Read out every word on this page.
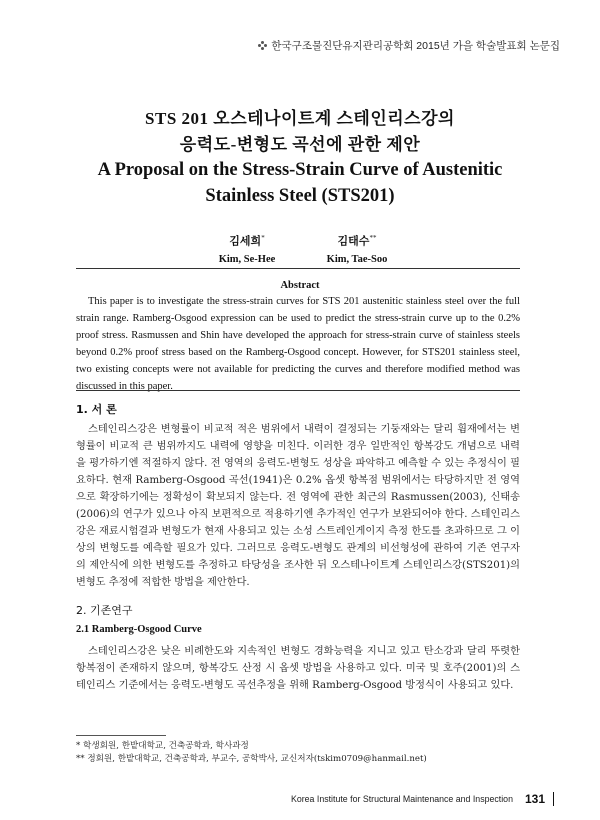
한국구조물진단유지관리공학회 2015년 가을 학술발표회 논문집
STS 201 오스테나이트계 스테인리스강의
응력도-변형도 곡선에 관한 제안
A Proposal on the Stress-Strain Curve of Austenitic
Stainless Steel (STS201)
김세희*
Kim, Se-Hee
김태수**
Kim, Tae-Soo
Abstract
This paper is to investigate the stress-strain curves for STS 201 austenitic stainless steel over the full strain range. Ramberg-Osgood expression can be used to predict the stress-strain curve up to the 0.2% proof stress. Rasmussen and Shin have developed the approach for stress-strain curve of stainless steels beyond 0.2% proof stress based on the Ramberg-Osgood concept. However, for STS201 stainless steel, two existing concepts were not available for predicting the curves and therefore modified method was discussed in this paper.
1. 서 론
스테인리스강은 변형률이 비교적 적은 범위에서 내력이 결정되는 기둥재와는 달리 휨재에서는 변형률이 비교적 큰 범위까지도 내력에 영향을 미친다. 이러한 경우 일반적인 항복강도 개념으로 내력을 평가하기엔 적절하지 않다. 전 영역의 응력도-변형도 성상을 파악하고 예측할 수 있는 추정식이 필요하다. 현재 Ramberg-Osgood 곡선(1941)은 0.2% 옵셋 항복점 범위에서는 타당하지만 전 영역으로 확장하기에는 정확성이 확보되지 않는다. 전 영역에 관한 최근의 Rasmussen(2003), 신태송(2006)의 연구가 있으나 아직 보편적으로 적용하기엔 추가적인 연구가 보완되어야 한다. 스테인리스강은 재료시험결과 변형도가 현재 사용되고 있는 소성 스트레인게이지 측정 한도를 초과하므로 그 이상의 변형도를 예측할 필요가 있다. 그러므로 응력도-변형도 관계의 비선형성에 관하여 기존 연구자의 제안식에 의한 변형도를 추정하고 타당성을 조사한 뒤 오스테나이트계 스테인리스강(STS201)의 변형도 추정에 적합한 방법을 제안한다.
2. 기존연구
2.1 Ramberg-Osgood Curve
스테인리스강은 낮은 비례한도와 지속적인 변형도 경화능력을 지니고 있고 탄소강과 달리 뚜렷한 항복점이 존재하지 않으며, 항복강도 산정 시 옵셋 방법을 사용하고 있다. 미국 및 호주(2001)의 스테인리스 기준에서는 응력도-변형도 곡선추정을 위해 Ramberg-Osgood 방정식이 사용되고 있다.
* 학생회원, 한밭대학교, 건축공학과, 학사과정
** 정회원, 한밭대학교, 건축공학과, 부교수, 공학박사, 교신저자(tskim0709@hanmail.net)
Korea Institute for Structural Maintenance and Inspection	131
